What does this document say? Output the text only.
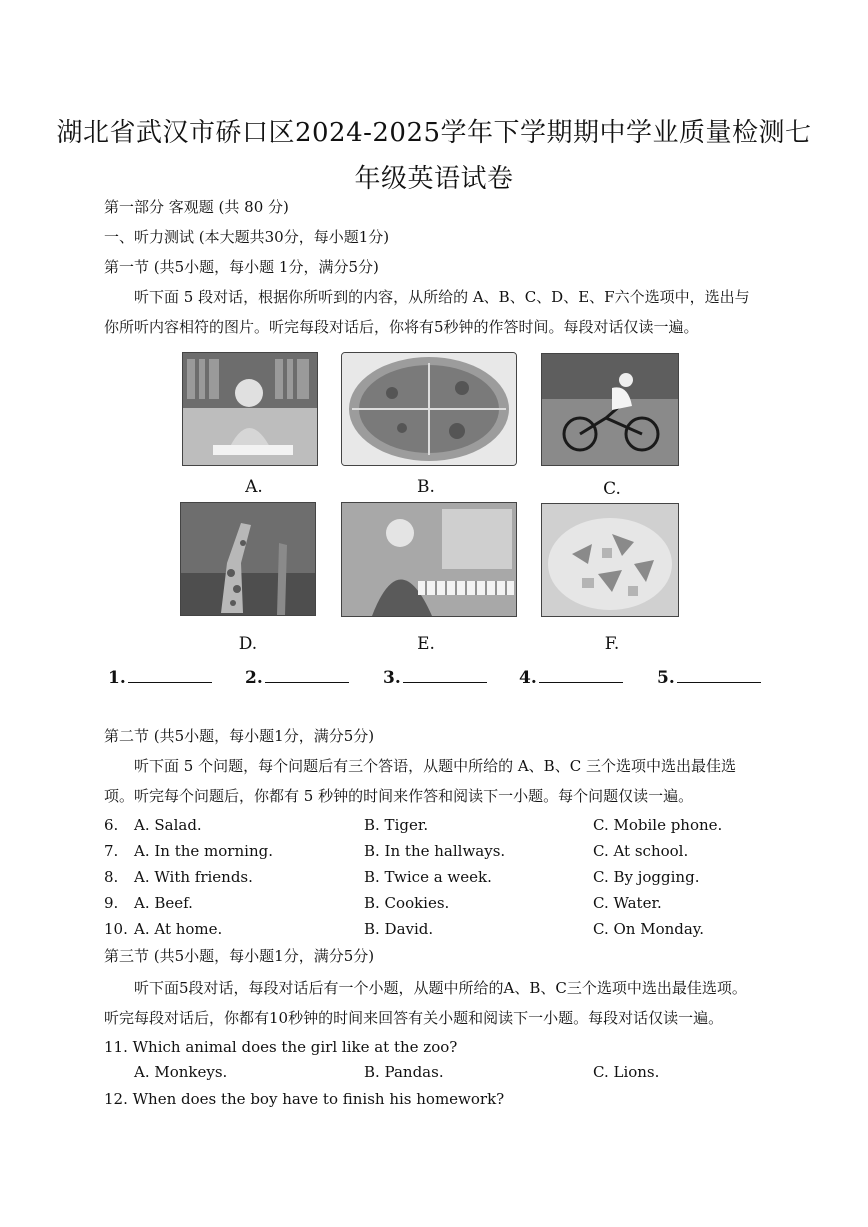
湖北省武汉市硚口区2024-2025学年下学期期中学业质量检测七
年级英语试卷
第一部分 客观题 (共 80 分)
一、听力测试 (本大题共30分，每小题1分)
第一节 (共5小题，每小题 1分，满分5分)
听下面 5 段对话，根据你所听到的内容，从所给的 A、B、C、D、E、F六个选项中，选出与
你所听内容相符的图片。听完每段对话后，你将有5秒钟的作答时间。每段对话仅读一遍。
A.	B.	C.
D.	E.	F.
1.	2.	3.	4.	5.
第二节 (共5小题，每小题1分，满分5分)
听下面 5 个问题，每个问题后有三个答语，从题中所给的 A、B、C 三个选项中选出最佳选
项。听完每个问题后，你都有 5 秒钟的时间来作答和阅读下一小题。每个问题仅读一遍。
6. A. Salad.	B. Tiger.	C. Mobile phone.
7. A. In the morning.	B. In the hallways.	C. At school.
8. A. With friends.	B. Twice a week.	C. By jogging.
9. A. Beef.	B. Cookies.	C. Water.
10. A. At home.	B. David.	C. On Monday.
第三节 (共5小题，每小题1分，满分5分)
听下面5段对话，每段对话后有一个小题，从题中所给的A、B、C三个选项中选出最佳选项。
听完每段对话后，你都有10秒钟的时间来回答有关小题和阅读下一小题。每段对话仅读一遍。
11. Which animal does the girl like at the zoo?
A. Monkeys.	B. Pandas.	C. Lions.
12. When does the boy have to finish his homework?
